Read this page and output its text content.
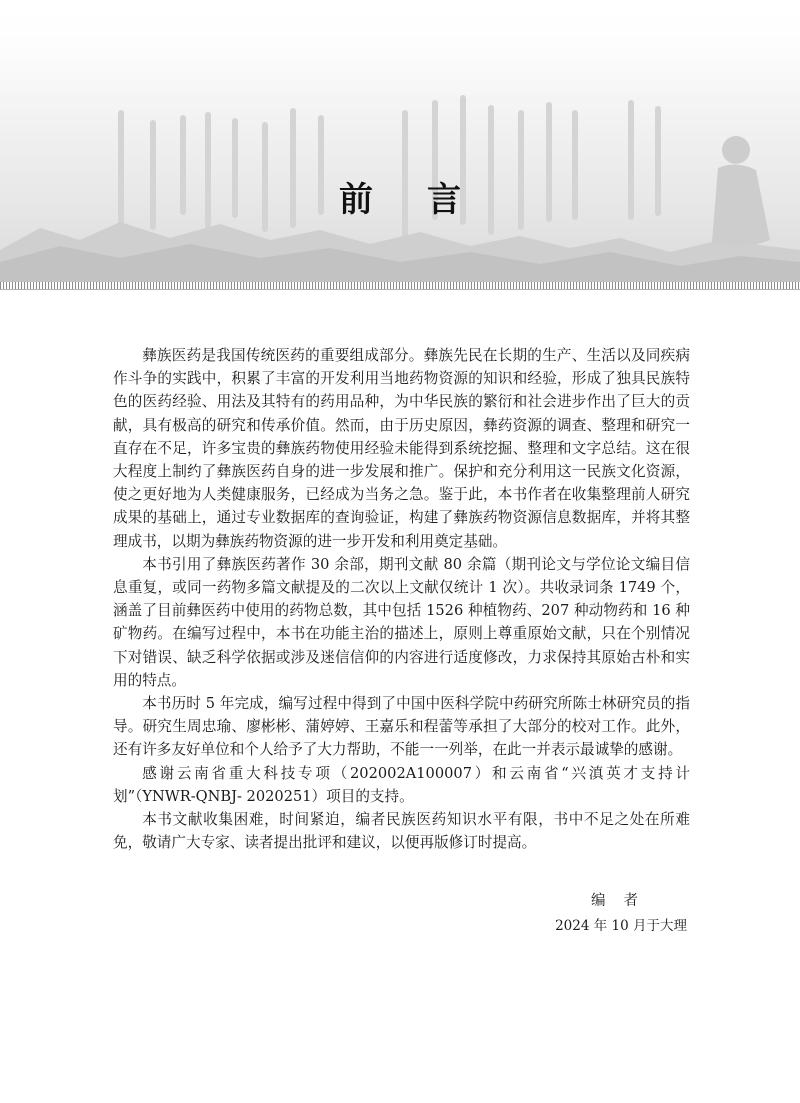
前言

彝族医药是我国传统医药的重要组成部分。彝族先民在长期的生产、生活以及同疾病作斗争的实践中，积累了丰富的开发利用当地药物资源的知识和经验，形成了独具民族特色的医药经验、用法及其特有的药用品种，为中华民族的繁衍和社会进步作出了巨大的贡献，具有极高的研究和传承价值。然而，由于历史原因，彝药资源的调查、整理和研究一直存在不足，许多宝贵的彝族药物使用经验未能得到系统挖掘、整理和文字总结。这在很大程度上制约了彝族医药自身的进一步发展和推广。保护和充分利用这一民族文化资源，使之更好地为人类健康服务，已经成为当务之急。鉴于此，本书作者在收集整理前人研究成果的基础上，通过专业数据库的查询验证，构建了彝族药物资源信息数据库，并将其整理成书，以期为彝族药物资源的进一步开发和利用奠定基础。

本书引用了彝族医药著作 30 余部，期刊文献 80 余篇（期刊论文与学位论文编目信息重复，或同一药物多篇文献提及的二次以上文献仅统计 1 次）。共收录词条 1749 个，涵盖了目前彝医药中使用的药物总数，其中包括 1526 种植物药、207 种动物药和 16 种矿物药。在编写过程中，本书在功能主治的描述上，原则上尊重原始文献，只在个别情况下对错误、缺乏科学依据或涉及迷信信仰的内容进行适度修改，力求保持其原始古朴和实用的特点。

本书历时 5 年完成，编写过程中得到了中国中医科学院中药研究所陈士林研究员的指导。研究生周忠瑜、廖彬彬、蒲婷婷、王嘉乐和程蕾等承担了大部分的校对工作。此外，还有许多友好单位和个人给予了大力帮助，不能一一列举，在此一并表示最诚挚的感谢。

感谢云南省重大科技专项（202002A100007）和云南省“兴滇英才支持计划”（YNWR-QNBJ- 2020251）项目的支持。

本书文献收集困难，时间紧迫，编者民族医药知识水平有限，书中不足之处在所难免，敬请广大专家、读者提出批评和建议，以便再版修订时提高。

编者
2024 年 10 月于大理
